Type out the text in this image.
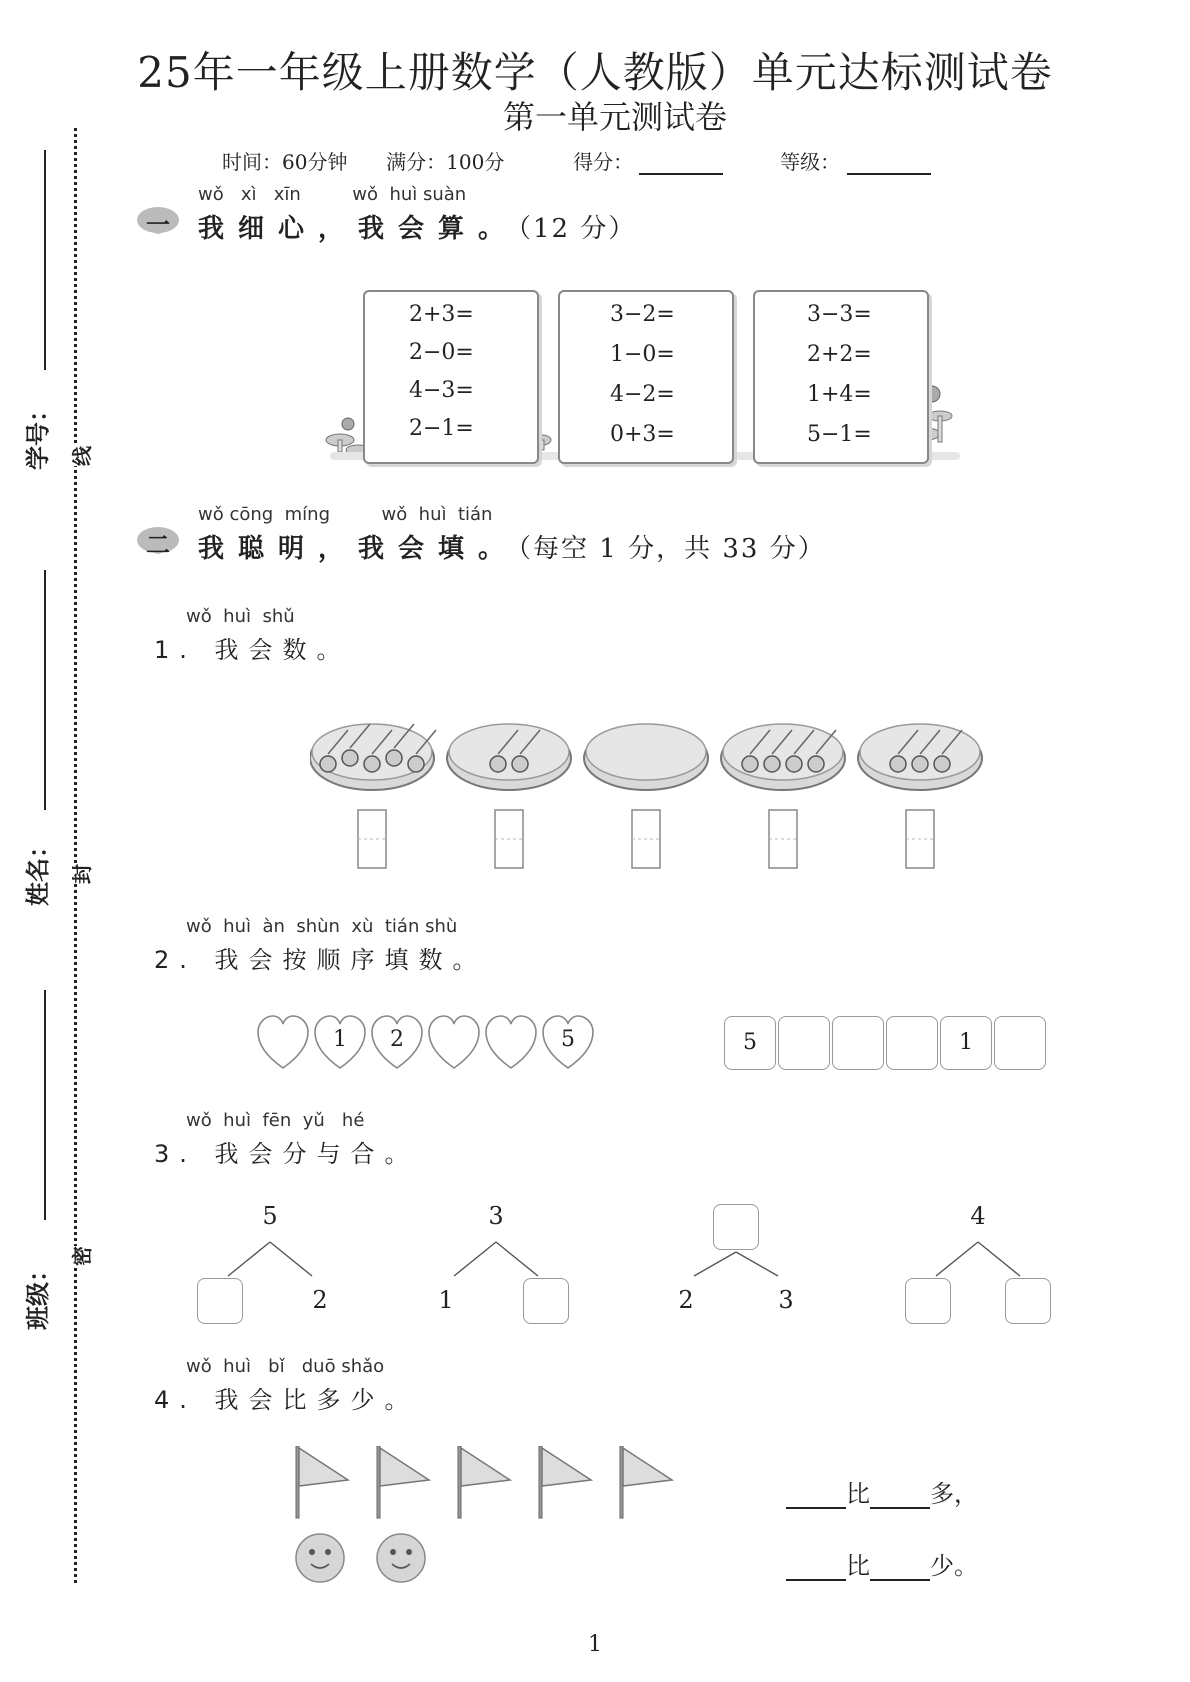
25年一年级上册数学（人教版）单元达标测试卷
第一单元测试卷
时间：60分钟 满分：100分	得分：	等级：
学号：
姓名：
班级：
线
封
密
一
wǒ   xì   xīn         wǒ  huì suàn
我细心，我会算。（12 分）
2+3=
2−0=
4−3=
2−1=
3−2=
1−0=
4−2=
0+3=
3−3=
2+2=
1+4=
5−1=
二
wǒ cōng  míng         wǒ  huì  tián
我聪明，我会填。（每空 1 分，共 33 分）
wǒ  huì  shǔ
1. 我会数。
wǒ  huì  àn  shùn  xù  tián shù
2. 我会按顺序填数。
1 2	5	5	1
wǒ  huì  fēn  yǔ   hé
3. 我会分与合。
5
2
3
1	2	3
4
wǒ  huì   bǐ   duō shǎo
4. 我会比多少。
比	多，
比	少。
1
